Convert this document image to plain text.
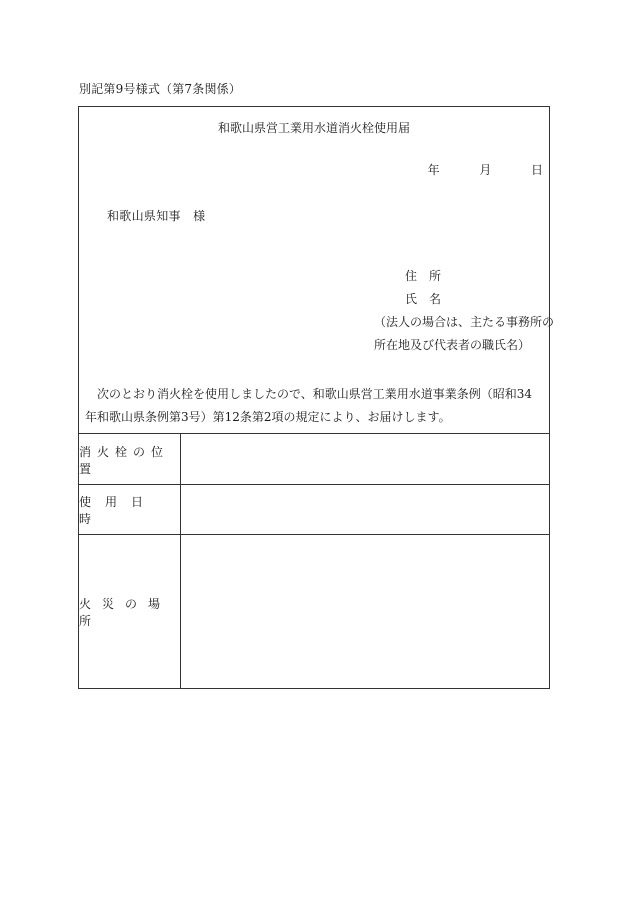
別記第9号様式（第7条関係）
和歌山県営工業用水道消火栓使用届
年	月	日
和歌山県知事　様
住　所
氏　名
（法人の場合は、主たる事務所の
所在地及び代表者の職氏名）
次のとおり消火栓を使用しましたので、和歌山県営工業用水道事業条例（昭和34年和歌山県条例第3号）第12条第2項の規定により、お届けします。
消火栓の位置
使用日時
火災の場所
